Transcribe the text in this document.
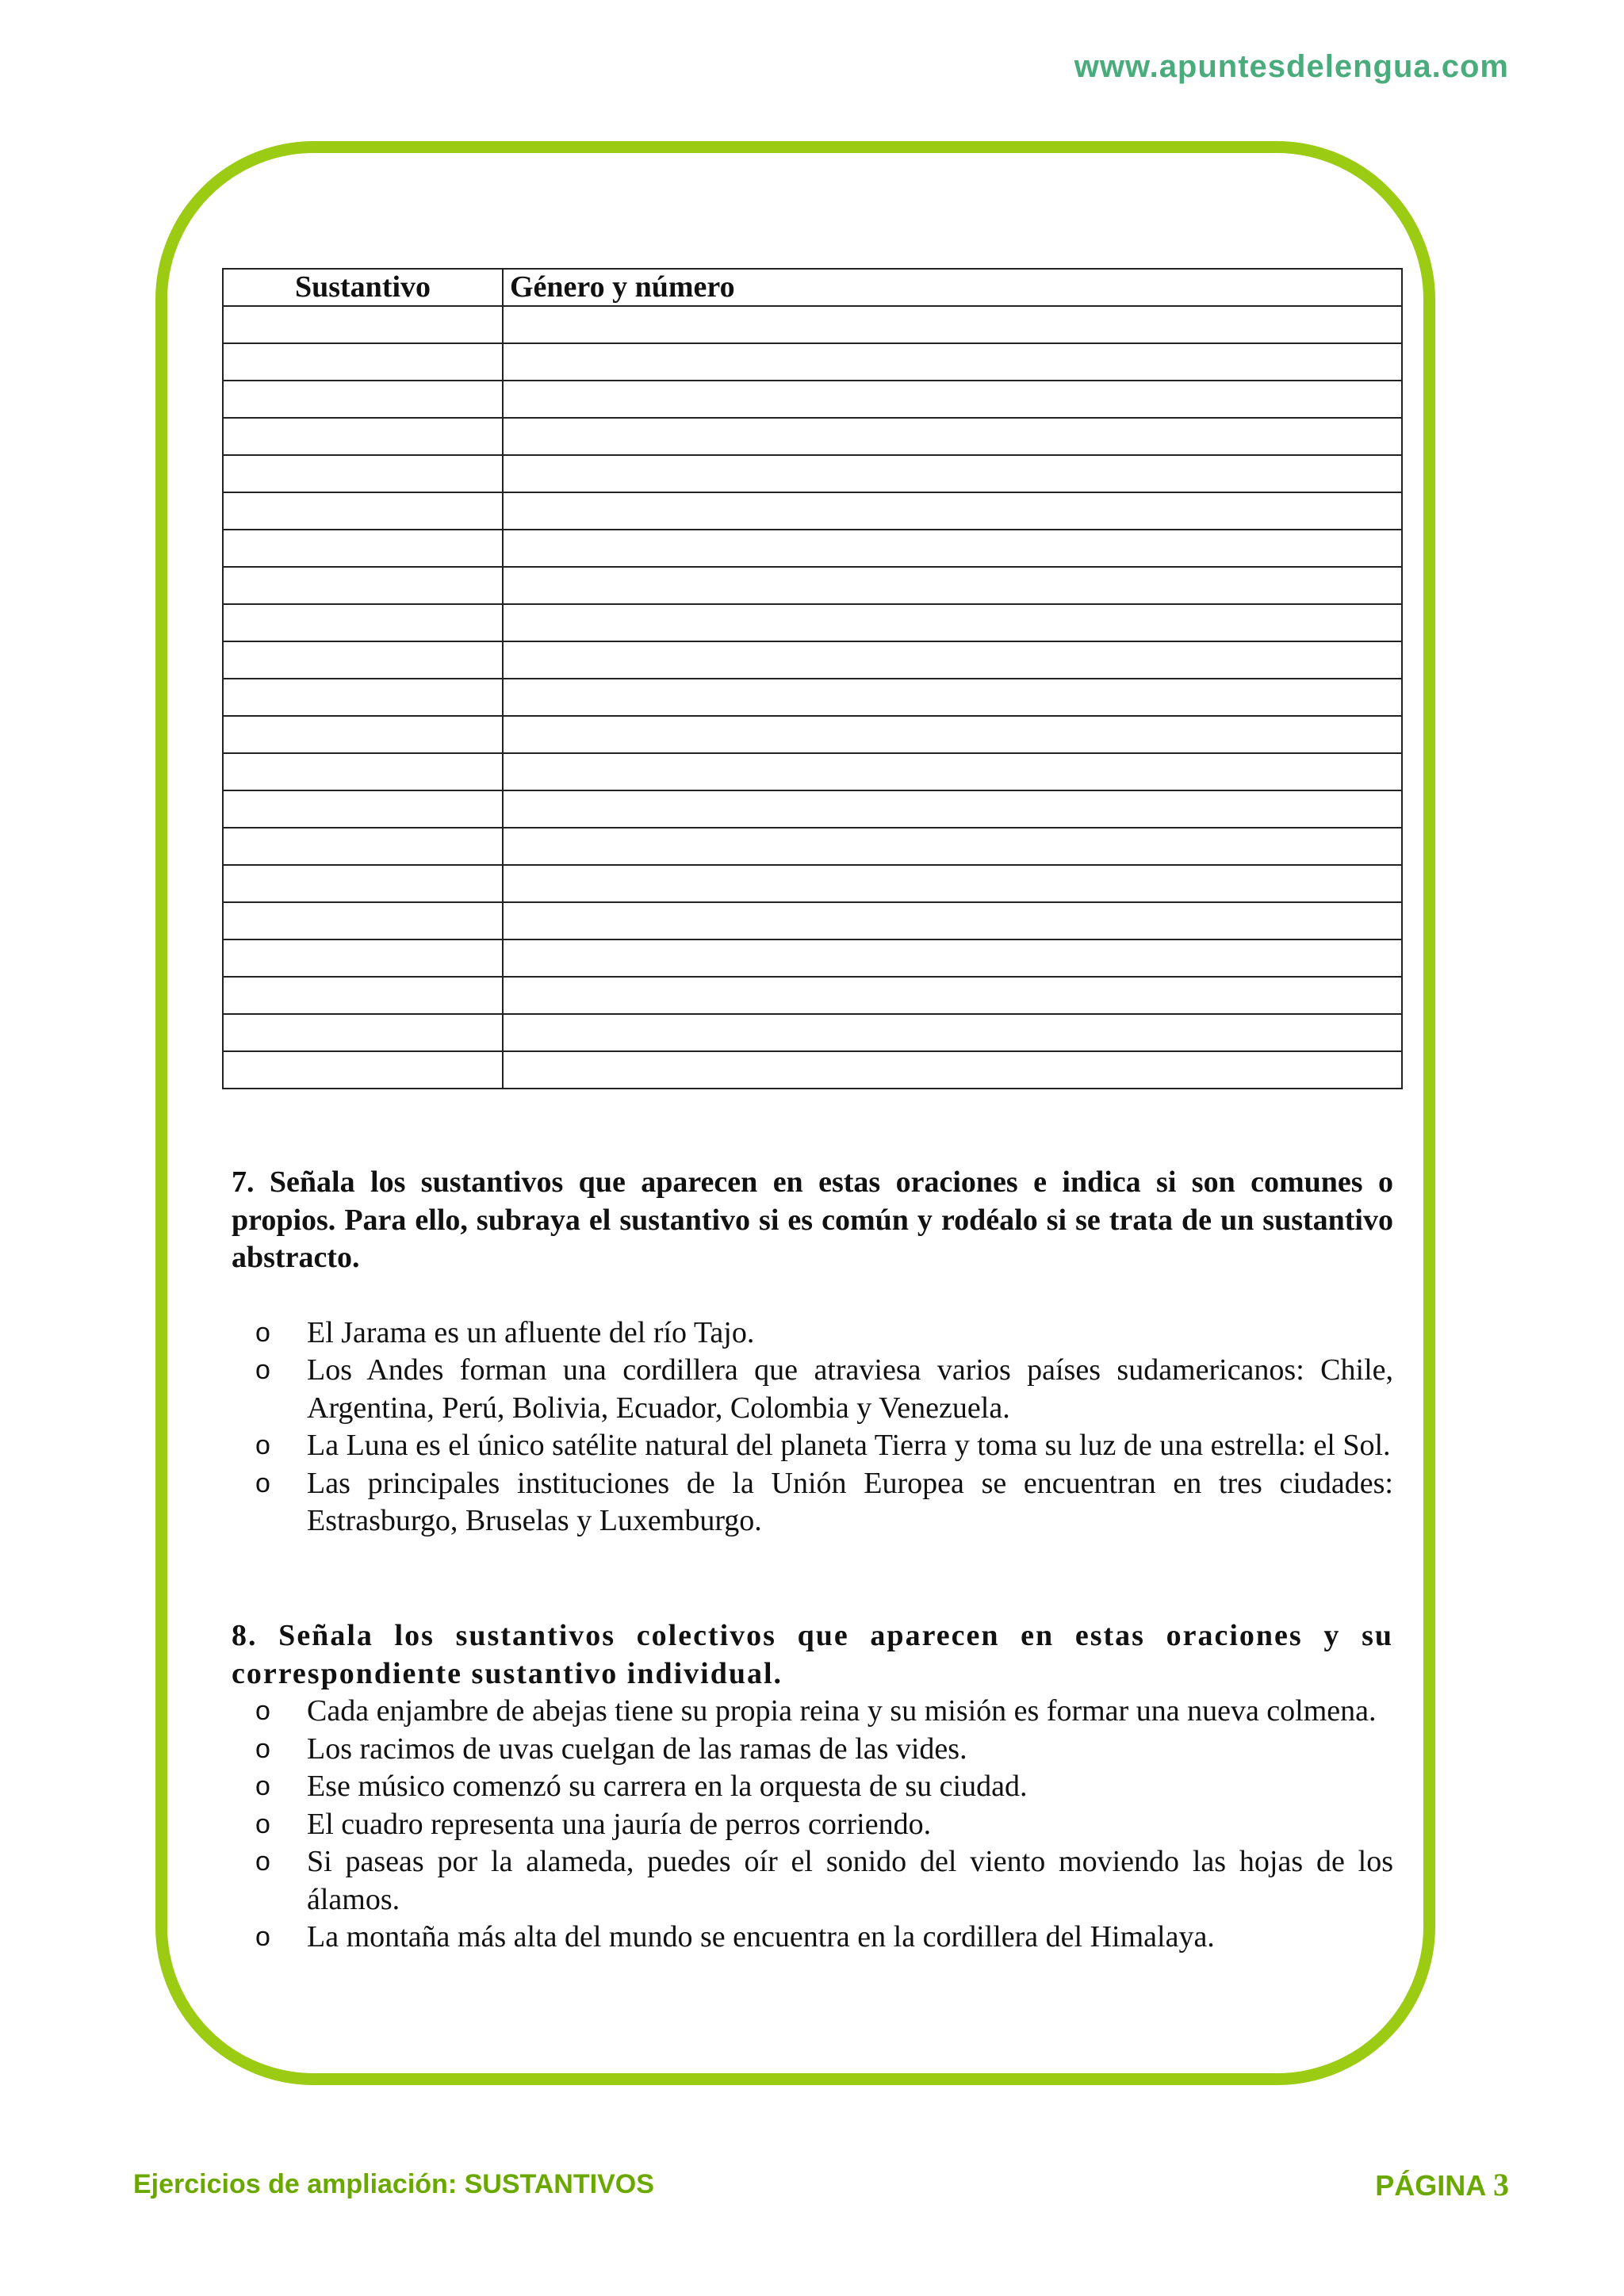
www.apuntesdelengua.com
Sustantivo	Género y número

7. Señala los sustantivos que aparecen en estas oraciones e indica si son comunes o propios. Para ello, subraya el sustantivo si es común y rodéalo si se trata de un sustantivo abstracto.

o El Jarama es un afluente del río Tajo.
o Los Andes forman una cordillera que atraviesa varios países sudamericanos: Chile, Argentina, Perú, Bolivia, Ecuador, Colombia y Venezuela.
o La Luna es el único satélite natural del planeta Tierra y toma su luz de una estrella: el Sol.
o Las principales instituciones de la Unión Europea se encuentran en tres ciudades: Estrasburgo, Bruselas y Luxemburgo.

8. Señala los sustantivos colectivos que aparecen en estas oraciones y su correspondiente sustantivo individual.

o Cada enjambre de abejas tiene su propia reina y su misión es formar una nueva colmena.
o Los racimos de uvas cuelgan de las ramas de las vides.
o Ese músico comenzó su carrera en la orquesta de su ciudad.
o El cuadro representa una jauría de perros corriendo.
o Si paseas por la alameda, puedes oír el sonido del viento moviendo las hojas de los álamos.
o La montaña más alta del mundo se encuentra en la cordillera del Himalaya.
Ejercicios de ampliación: SUSTANTIVOS	PÁGINA 3
